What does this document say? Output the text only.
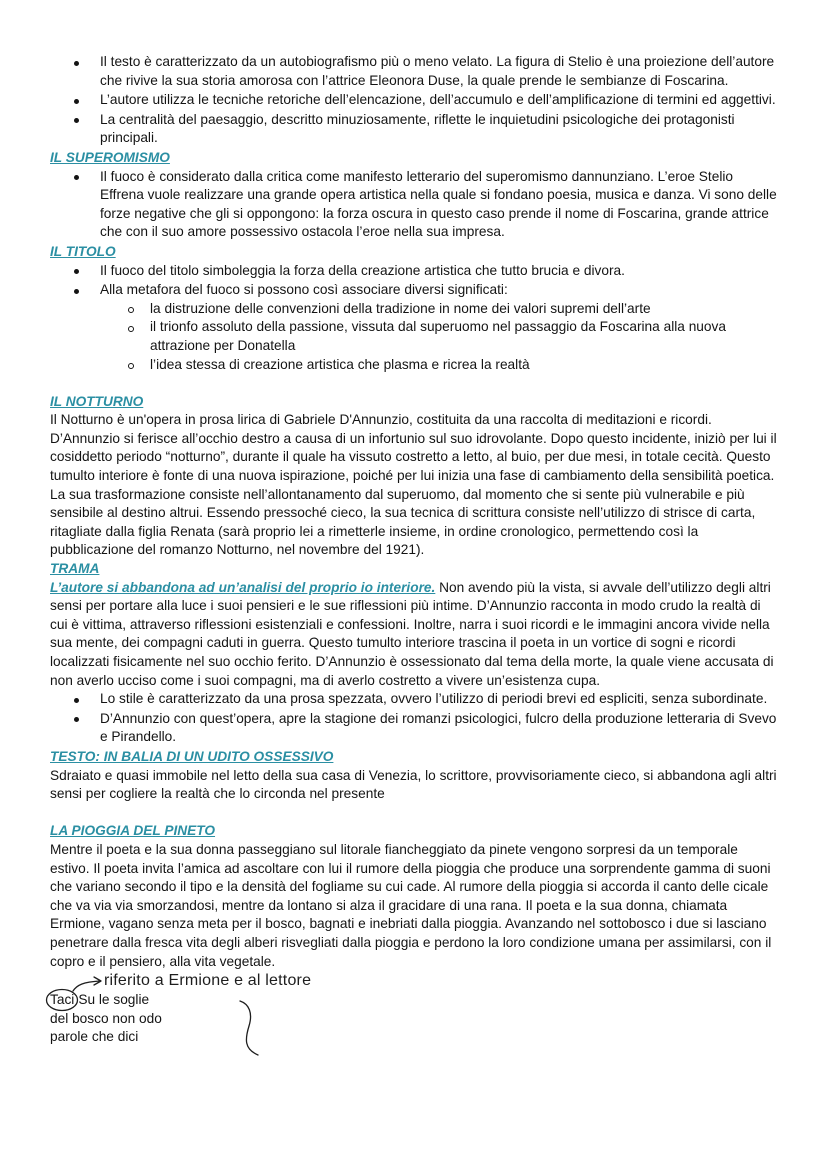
Il testo è caratterizzato da un autobiografismo più o meno velato. La figura di Stelio è una proiezione dell’autore che rivive la sua storia amorosa con l’attrice Eleonora Duse, la quale prende le sembianze di Foscarina.
L’autore utilizza le tecniche retoriche dell’elencazione, dell’accumulo e dell’amplificazione di termini ed aggettivi.
La centralità del paesaggio, descritto minuziosamente, riflette le inquietudini psicologiche dei protagonisti principali.
IL SUPEROMISMO
Il fuoco è considerato dalla critica come manifesto letterario del superomismo dannunziano. L’eroe Stelio Effrena vuole realizzare una grande opera artistica nella quale si fondano poesia, musica e danza. Vi sono delle forze negative che gli si oppongono: la forza oscura in questo caso prende il nome di Foscarina, grande attrice che con il suo amore possessivo ostacola l’eroe nella sua impresa.
IL TITOLO
Il fuoco del titolo simboleggia la forza della creazione artistica che tutto brucia e divora.
Alla metafora del fuoco si possono così associare diversi significati:
la distruzione delle convenzioni della tradizione in nome dei valori supremi dell’arte
il trionfo assoluto della passione, vissuta dal superuomo nel passaggio da Foscarina alla nuova attrazione per Donatella
l’idea stessa di creazione artistica che plasma e ricrea la realtà
IL NOTTURNO

Il Notturno è un'opera in prosa lirica di Gabriele D'Annunzio, costituita da una raccolta di meditazioni e ricordi. D’Annunzio si ferisce all’occhio destro a causa di un infortunio sul suo idrovolante. Dopo questo incidente, iniziò per lui il cosiddetto periodo “notturno”, durante il quale ha vissuto costretto a letto, al buio, per due mesi, in totale cecità. Questo tumulto interiore è fonte di una nuova ispirazione, poiché per lui inizia una fase di cambiamento della sensibilità poetica. La sua trasformazione consiste nell’allontanamento dal superuomo, dal momento che si sente più vulnerabile e più sensibile al destino altrui. Essendo pressoché cieco, la sua tecnica di scrittura consiste nell’utilizzo di strisce di carta, ritagliate dalla figlia Renata (sarà proprio lei a rimetterle insieme, in ordine cronologico, permettendo così la pubblicazione del romanzo Notturno, nel novembre del 1921).

TRAMA

L’autore si abbandona ad un’analisi del proprio io interiore. Non avendo più la vista, si avvale dell’utilizzo degli altri sensi per portare alla luce i suoi pensieri e le sue riflessioni più intime. D’Annunzio racconta in modo crudo la realtà di cui è vittima, attraverso riflessioni esistenziali e confessioni. Inoltre, narra i suoi ricordi e le immagini ancora vivide nella sua mente, dei compagni caduti in guerra. Questo tumulto interiore trascina il poeta in un vortice di sogni e ricordi localizzati fisicamente nel suo occhio ferito. D’Annunzio è ossessionato dal tema della morte, la quale viene accusata di non averlo ucciso come i suoi compagni, ma di averlo costretto a vivere un’esistenza cupa.

Lo stile è caratterizzato da una prosa spezzata, ovvero l’utilizzo di periodi brevi ed espliciti, senza subordinate.
D’Annunzio con quest’opera, apre la stagione dei romanzi psicologici, fulcro della produzione letteraria di Svevo e Pirandello.
TESTO: IN BALIA DI UN UDITO OSSESSIVO

Sdraiato e quasi immobile nel letto della sua casa di Venezia, lo scrittore, provvisoriamente cieco, si abbandona agli altri sensi per cogliere la realtà che lo circonda nel presente

LA PIOGGIA DEL PINETO

Mentre il poeta e la sua donna passeggiano sul litorale fiancheggiato da pinete vengono sorpresi da un temporale estivo. Il poeta invita l’amica ad ascoltare con lui il rumore della pioggia che produce una sorprendente gamma di suoni che variano secondo il tipo e la densità del fogliame su cui cade. Al rumore della pioggia si accorda il canto delle cicale che va via via smorzandosi, mentre da lontano si alza il gracidare di una rana. Il poeta e la sua donna, chiamata Ermione, vagano senza meta per il bosco, bagnati e inebriati dalla pioggia. Avanzando nel sottobosco i due si lasciano penetrare dalla fresca vita degli alberi risvegliati dalla pioggia e perdono la loro condizione umana per assimilarsi, con il copro e il pensiero, alla vita vegetale.

riferito a Ermione e al lettore
Taci Su le soglie
del bosco non odo
parole che dici
